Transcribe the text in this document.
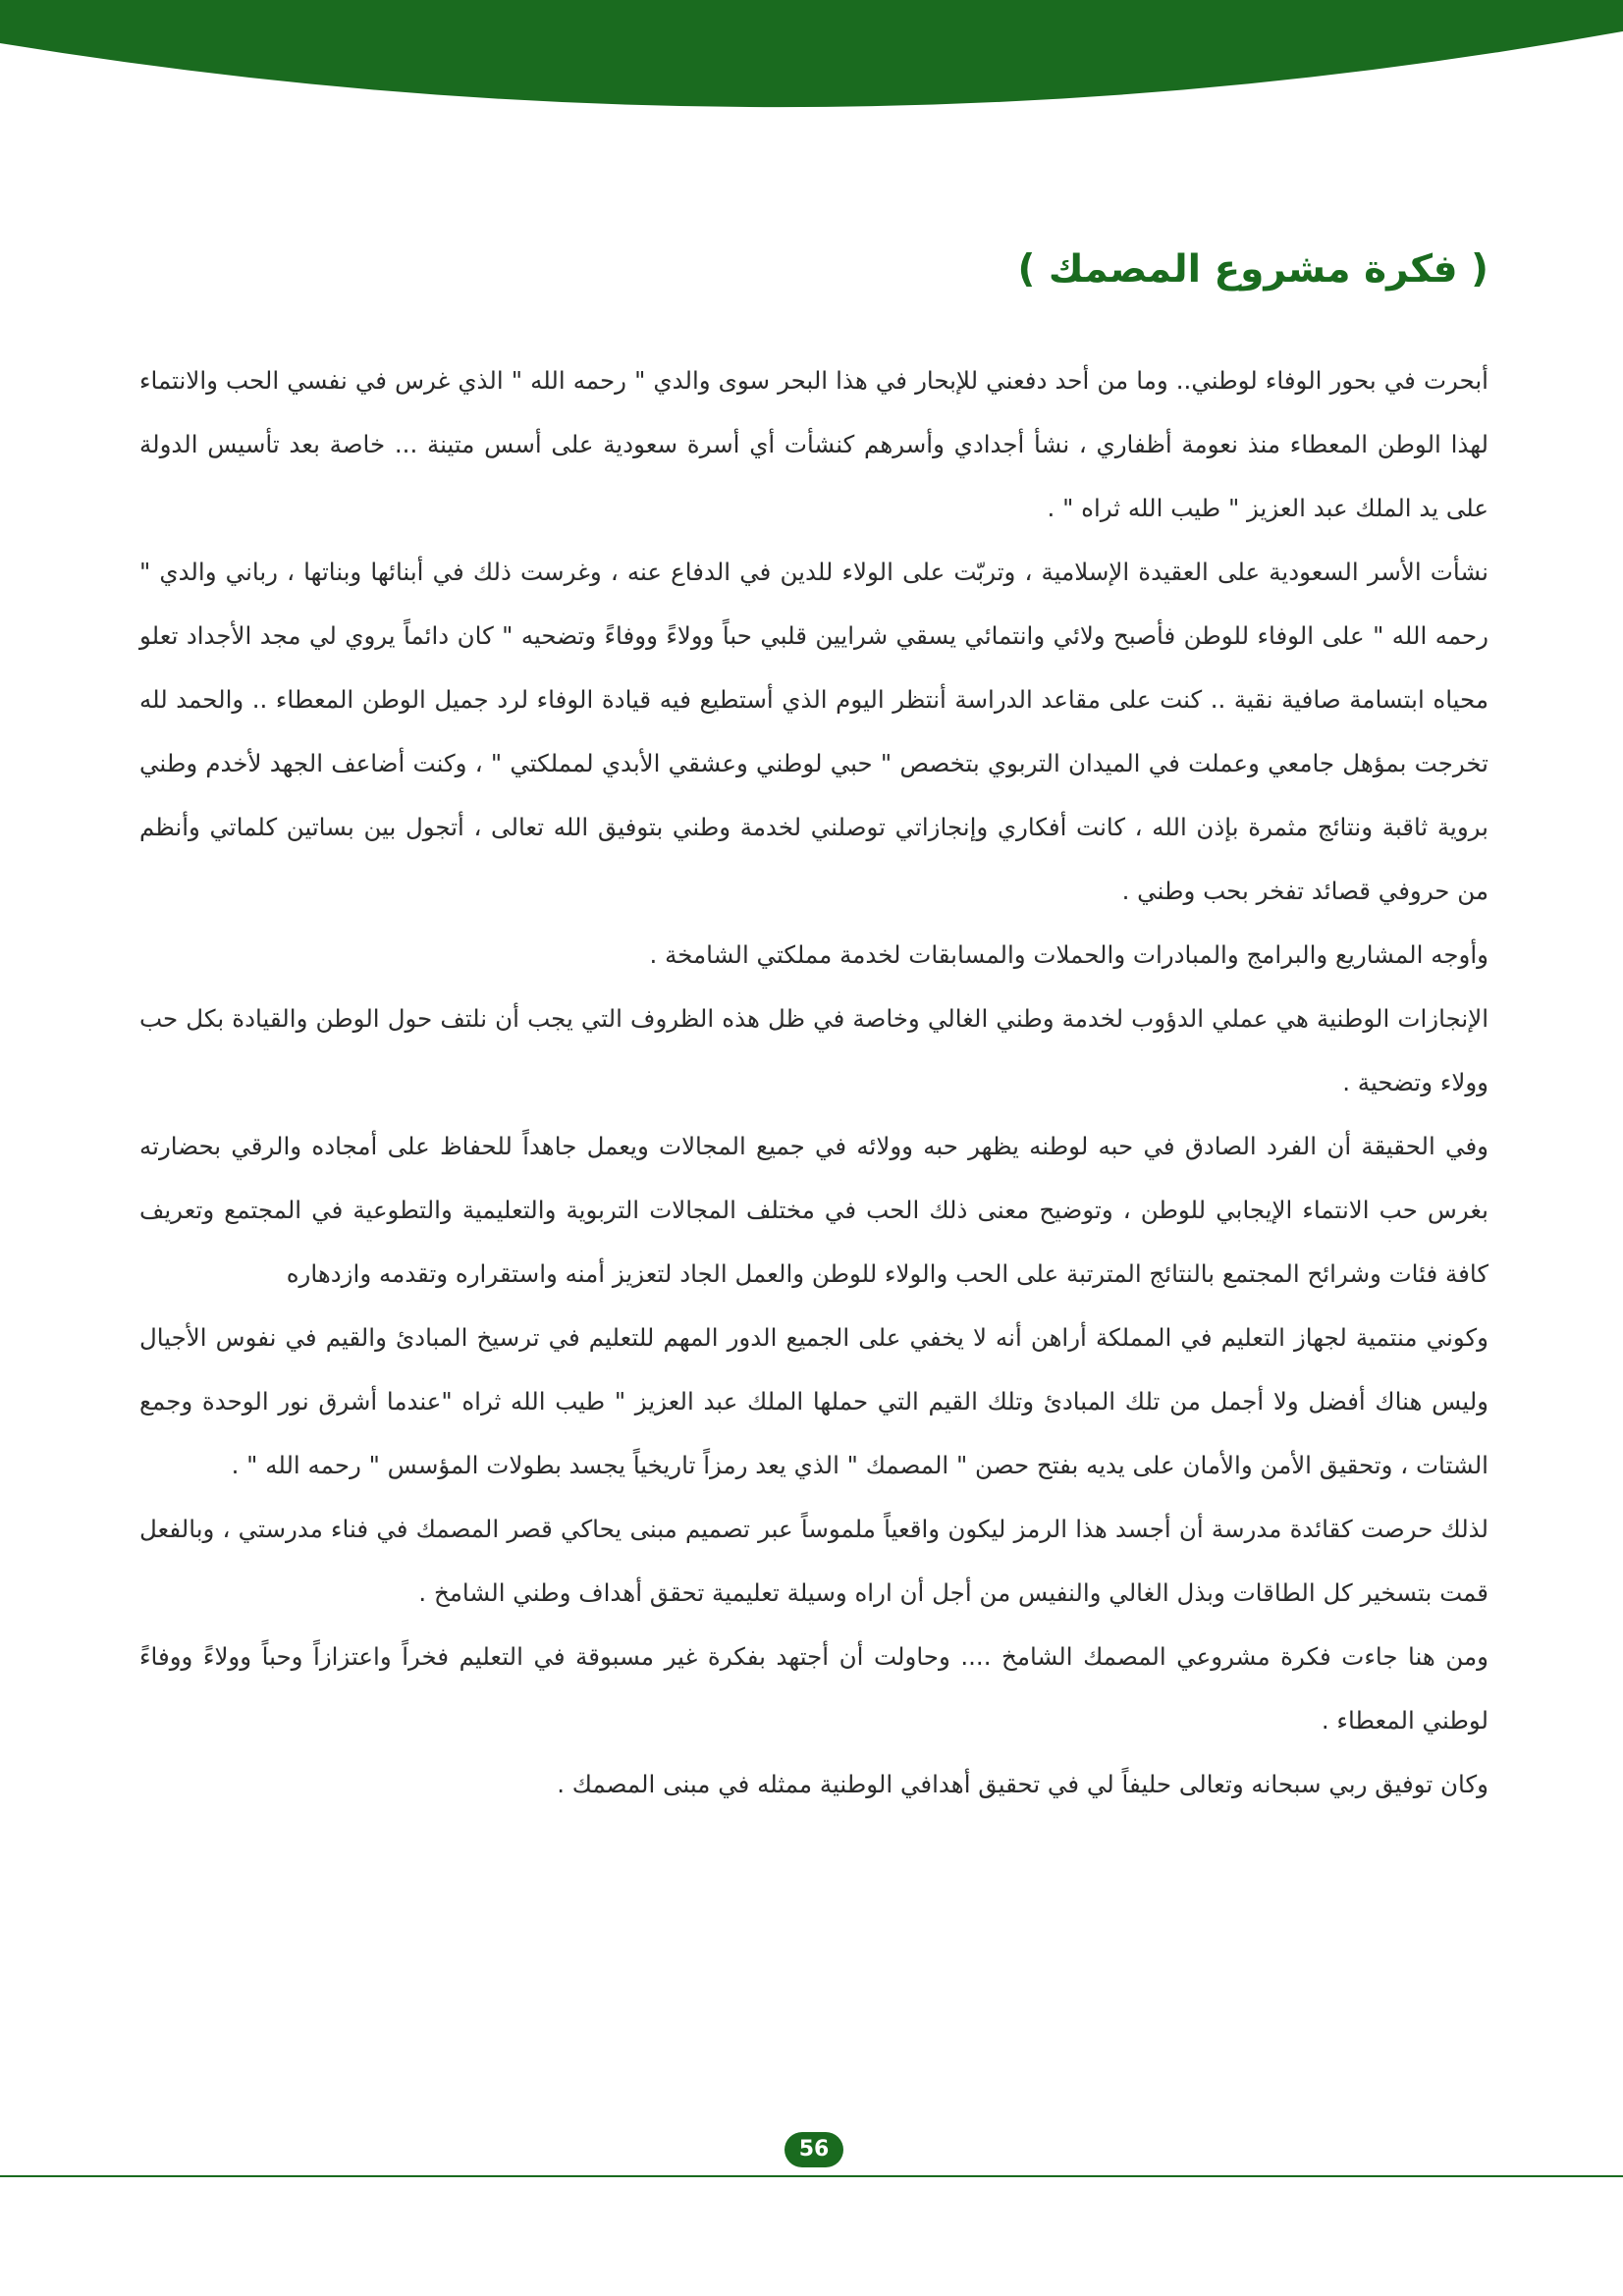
( فكرة مشروع المصمك )

أبحرت في بحور الوفاء لوطني.. وما من أحد دفعني للإبحار في هذا البحر سوى والدي " رحمه الله " الذي غرس في نفسي الحب والانتماء لهذا الوطن المعطاء منذ نعومة أظفاري ، نشأ أجدادي وأسرهم كنشأت أي أسرة سعودية على أسس متينة ... خاصة بعد تأسيس الدولة على يد الملك عبد العزيز " طيب الله ثراه " .

نشأت الأسر السعودية على العقيدة الإسلامية ، وتربّت على الولاء للدين في الدفاع عنه ، وغرست ذلك في أبنائها وبناتها ، رباني والدي " رحمه الله " على الوفاء للوطن فأصبح ولائي وانتمائي يسقي شرايين قلبي حباً وولاءً ووفاءً وتضحيه " كان دائماً يروي لي مجد الأجداد تعلو محياه ابتسامة صافية نقية .. كنت على مقاعد الدراسة أنتظر اليوم الذي أستطيع فيه قيادة الوفاء لرد جميل الوطن المعطاء .. والحمد لله تخرجت بمؤهل جامعي وعملت في الميدان التربوي بتخصص " حبي لوطني وعشقي الأبدي لمملكتي " ، وكنت أضاعف الجهد لأخدم وطني بروية ثاقبة ونتائج مثمرة بإذن الله ، كانت أفكاري وإنجازاتي توصلني لخدمة وطني بتوفيق الله تعالى ، أتجول بين بساتين كلماتي وأنظم من حروفي قصائد تفخر بحب وطني .

وأوجه المشاريع والبرامج والمبادرات والحملات والمسابقات لخدمة مملكتي الشامخة .

الإنجازات الوطنية هي عملي الدؤوب لخدمة وطني الغالي وخاصة في ظل هذه الظروف التي يجب أن نلتف حول الوطن والقيادة بكل حب وولاء وتضحية .

وفي الحقيقة أن الفرد الصادق في حبه لوطنه يظهر حبه وولائه في جميع المجالات ويعمل جاهداً للحفاظ على أمجاده والرقي بحضارته بغرس حب الانتماء الإيجابي للوطن ، وتوضيح معنى ذلك الحب في مختلف المجالات التربوية والتعليمية والتطوعية في المجتمع وتعريف كافة فئات وشرائح المجتمع بالنتائج المترتبة على الحب والولاء للوطن والعمل الجاد لتعزيز أمنه واستقراره وتقدمه وازدهاره

وكوني منتمية لجهاز التعليم في المملكة أراهن أنه لا يخفي على الجميع الدور المهم للتعليم في ترسيخ المبادئ والقيم في نفوس الأجيال وليس هناك أفضل ولا أجمل من تلك المبادئ وتلك القيم التي حملها الملك عبد العزيز " طيب الله ثراه "عندما أشرق نور الوحدة وجمع الشتات ، وتحقيق الأمن والأمان على يديه بفتح حصن " المصمك " الذي يعد رمزاً تاريخياً يجسد بطولات المؤسس " رحمه الله " .

لذلك حرصت كقائدة مدرسة أن أجسد هذا الرمز ليكون واقعياً ملموساً عبر تصميم مبنى يحاكي قصر المصمك في فناء مدرستي ، وبالفعل قمت بتسخير كل الطاقات وبذل الغالي والنفيس من أجل أن اراه وسيلة تعليمية تحقق أهداف وطني الشامخ .

ومن هنا جاءت فكرة مشروعي المصمك الشامخ .... وحاولت أن أجتهد بفكرة غير مسبوقة في التعليم فخراً واعتزازاً وحباً وولاءً ووفاءً لوطني المعطاء .

وكان توفيق ربي سبحانه وتعالى حليفاً لي في تحقيق أهدافي الوطنية ممثله في مبنى المصمك .

56
